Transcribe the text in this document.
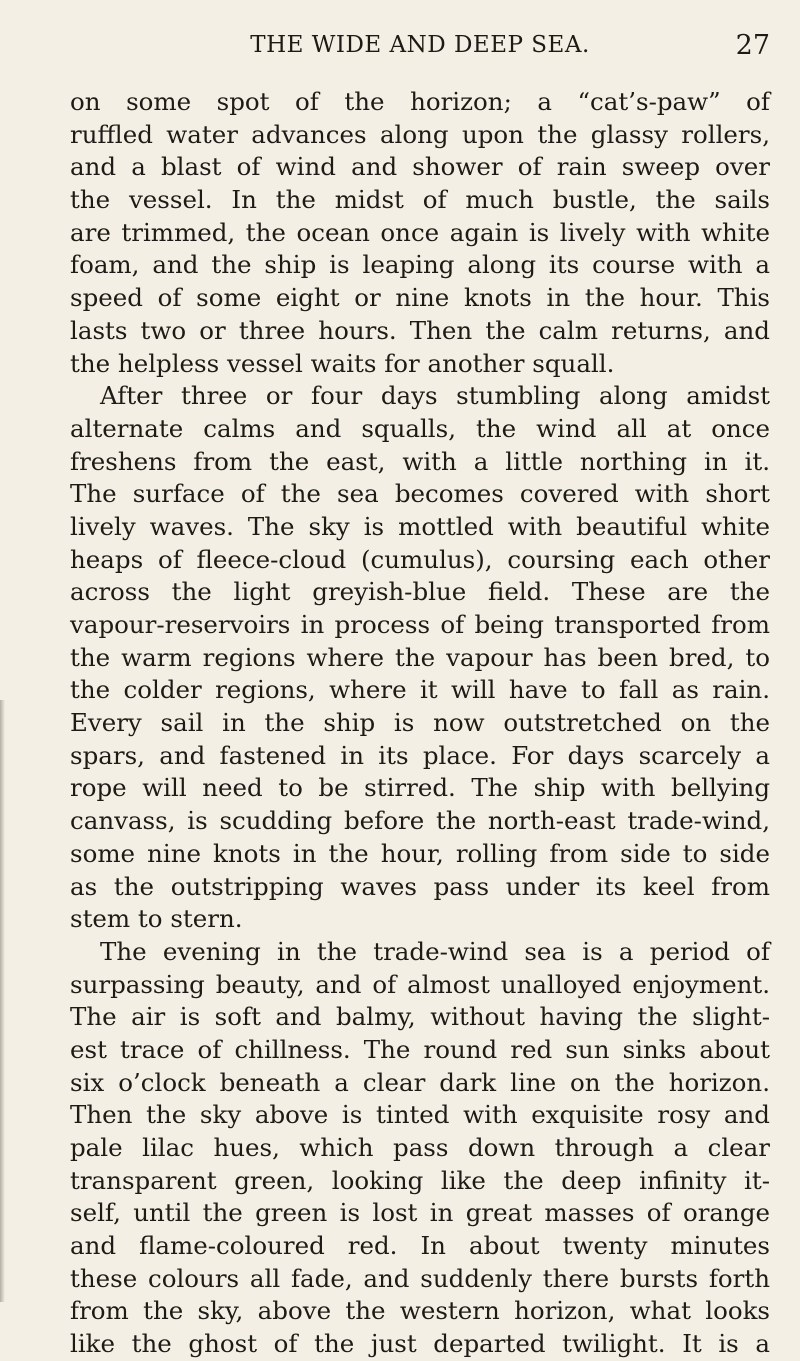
THE WIDE AND DEEP SEA.	27
on some spot of the horizon; a “cat’s-paw” of
ruffled water advances along upon the glassy rollers,
and a blast of wind and shower of rain sweep over
the vessel. In the midst of much bustle, the sails
are trimmed, the ocean once again is lively with white
foam, and the ship is leaping along its course with a
speed of some eight or nine knots in the hour. This
lasts two or three hours. Then the calm returns, and
the helpless vessel waits for another squall.
After three or four days stumbling along amidst
alternate calms and squalls, the wind all at once
freshens from the east, with a little northing in it.
The surface of the sea becomes covered with short
lively waves. The sky is mottled with beautiful white
heaps of fleece-cloud (cumulus), coursing each other
across the light greyish-blue field. These are the
vapour-reservoirs in process of being transported from
the warm regions where the vapour has been bred, to
the colder regions, where it will have to fall as rain.
Every sail in the ship is now outstretched on the
spars, and fastened in its place. For days scarcely a
rope will need to be stirred. The ship with bellying
canvass, is scudding before the north-east trade-wind,
some nine knots in the hour, rolling from side to side
as the outstripping waves pass under its keel from
stem to stern.
The evening in the trade-wind sea is a period of
surpassing beauty, and of almost unalloyed enjoyment.
The air is soft and balmy, without having the slight-
est trace of chillness. The round red sun sinks about
six o’clock beneath a clear dark line on the horizon.
Then the sky above is tinted with exquisite rosy and
pale lilac hues, which pass down through a clear
transparent green, looking like the deep infinity it-
self, until the green is lost in great masses of orange
and flame-coloured red. In about twenty minutes
these colours all fade, and suddenly there bursts forth
from the sky, above the western horizon, what looks
like the ghost of the just departed twilight. It is a
